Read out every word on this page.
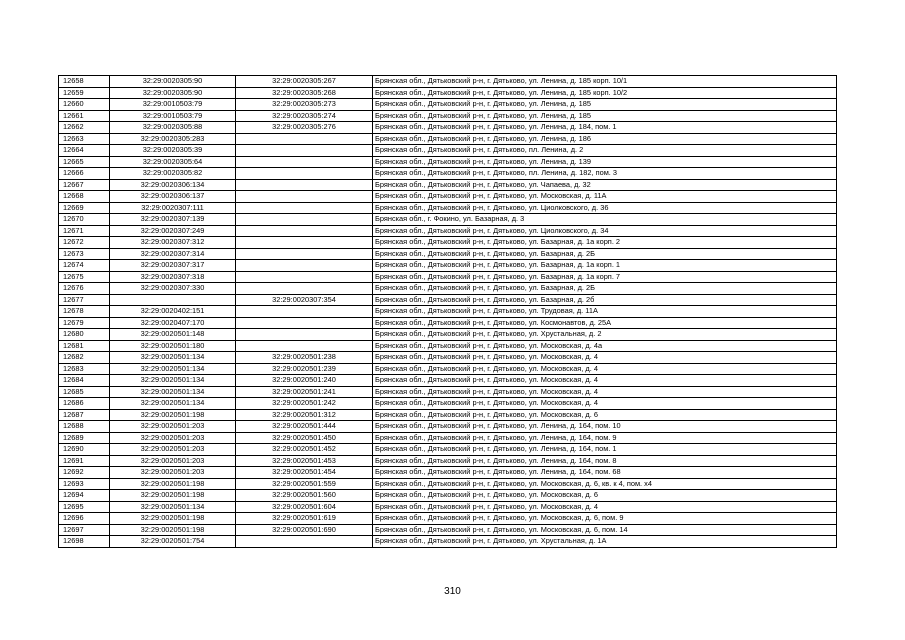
12658	32:29:0020305:90	32:29:0020305:267	Брянская обл., Дятьковский р-н, г. Дятьково, ул. Ленина, д. 185 корп. 10/1
12659	32:29:0020305:90	32:29:0020305:268	Брянская обл., Дятьковский р-н, г. Дятьково, ул. Ленина, д. 185 корп. 10/2
12660	32:29:0010503:79	32:29:0020305:273	Брянская обл., Дятьковский р-н, г. Дятьково, ул. Ленина, д. 185
12661	32:29:0010503:79	32:29:0020305:274	Брянская обл., Дятьковский р-н, г. Дятьково, ул. Ленина, д. 185
12662	32:29:0020305:88	32:29:0020305:276	Брянская обл., Дятьковский р-н, г. Дятьково, ул. Ленина, д. 184, пом. 1
12663	32:29:0020305:283		Брянская обл., Дятьковский р-н, г. Дятьково, ул. Ленина, д. 186
12664	32:29:0020305:39		Брянская обл., Дятьковский р-н, г. Дятьково, пл. Ленина, д. 2
12665	32:29:0020305:64		Брянская обл., Дятьковский р-н, г. Дятьково, ул. Ленина, д. 139
12666	32:29:0020305:82		Брянская обл., Дятьковский р-н, г. Дятьково, пл. Ленина, д. 182, пом. 3
12667	32:29:0020306:134		Брянская обл., Дятьковский р-н, г. Дятьково, ул. Чапаева, д. 32
12668	32:29:0020306:137		Брянская обл., Дятьковский р-н, г. Дятьково, ул. Московская, д. 11А
12669	32:29:0020307:111		Брянская обл., Дятьковский р-н, г. Дятьково, ул. Циолковского, д. 36
12670	32:29:0020307:139		Брянская обл., г. Фокино, ул. Базарная, д. 3
12671	32:29:0020307:249		Брянская обл., Дятьковский р-н, г. Дятьково, ул. Циолковского, д. 34
12672	32:29:0020307:312		Брянская обл., Дятьковский р-н, г. Дятьково, ул. Базарная, д. 1а корп. 2
12673	32:29:0020307:314		Брянская обл., Дятьковский р-н, г. Дятьково, ул. Базарная, д. 2Б
12674	32:29:0020307:317		Брянская обл., Дятьковский р-н, г. Дятьково, ул. Базарная, д. 1а корп. 1
12675	32:29:0020307:318		Брянская обл., Дятьковский р-н, г. Дятьково, ул. Базарная, д. 1а корп. 7
12676	32:29:0020307:330		Брянская обл., Дятьковский р-н, г. Дятьково, ул. Базарная, д. 2Б
12677		32:29:0020307:354	Брянская обл., Дятьковский р-н, г. Дятьково, ул. Базарная, д. 2б
12678	32:29:0020402:151		Брянская обл., Дятьковский р-н, г. Дятьково, ул. Трудовая, д. 11А
12679	32:29:0020407:170		Брянская обл., Дятьковский р-н, г. Дятьково, ул. Космонавтов, д. 25А
12680	32:29:0020501:148		Брянская обл., Дятьковский р-н, г. Дятьково, ул. Хрустальная, д. 2
12681	32:29:0020501:180		Брянская обл., Дятьковский р-н, г. Дятьково, ул. Московская, д. 4а
12682	32:29:0020501:134	32:29:0020501:238	Брянская обл., Дятьковский р-н, г. Дятьково, ул. Московская, д. 4
12683	32:29:0020501:134	32:29:0020501:239	Брянская обл., Дятьковский р-н, г. Дятьково, ул. Московская, д. 4
12684	32:29:0020501:134	32:29:0020501:240	Брянская обл., Дятьковский р-н, г. Дятьково, ул. Московская, д. 4
12685	32:29:0020501:134	32:29:0020501:241	Брянская обл., Дятьковский р-н, г. Дятьково, ул. Московская, д. 4
12686	32:29:0020501:134	32:29:0020501:242	Брянская обл., Дятьковский р-н, г. Дятьково, ул. Московская, д. 4
12687	32:29:0020501:198	32:29:0020501:312	Брянская обл., Дятьковский р-н, г. Дятьково, ул. Московская, д. 6
12688	32:29:0020501:203	32:29:0020501:444	Брянская обл., Дятьковский р-н, г. Дятьково, ул. Ленина, д. 164, пом. 10
12689	32:29:0020501:203	32:29:0020501:450	Брянская обл., Дятьковский р-н, г. Дятьково, ул. Ленина, д. 164, пом. 9
12690	32:29:0020501:203	32:29:0020501:452	Брянская обл., Дятьковский р-н, г. Дятьково, ул. Ленина, д. 164, пом. 1
12691	32:29:0020501:203	32:29:0020501:453	Брянская обл., Дятьковский р-н, г. Дятьково, ул. Ленина, д. 164, пом. 8
12692	32:29:0020501:203	32:29:0020501:454	Брянская обл., Дятьковский р-н, г. Дятьково, ул. Ленина, д. 164, пом. 68
12693	32:29:0020501:198	32:29:0020501:559	Брянская обл., Дятьковский р-н, г. Дятьково, ул. Московская, д. 6, кв. к 4, пом. х4
12694	32:29:0020501:198	32:29:0020501:560	Брянская обл., Дятьковский р-н, г. Дятьково, ул. Московская, д. 6
12695	32:29:0020501:134	32:29:0020501:604	Брянская обл., Дятьковский р-н, г. Дятьково, ул. Московская, д. 4
12696	32:29:0020501:198	32:29:0020501:619	Брянская обл., Дятьковский р-н, г. Дятьково, ул. Московская, д. 6, пом. 9
12697	32:29:0020501:198	32:29:0020501:690	Брянская обл., Дятьковский р-н, г. Дятьково, ул. Московская, д. 6, пом. 14
12698	32:29:0020501:754		Брянская обл., Дятьковский р-н, г. Дятьково, ул. Хрустальная, д. 1А
310
